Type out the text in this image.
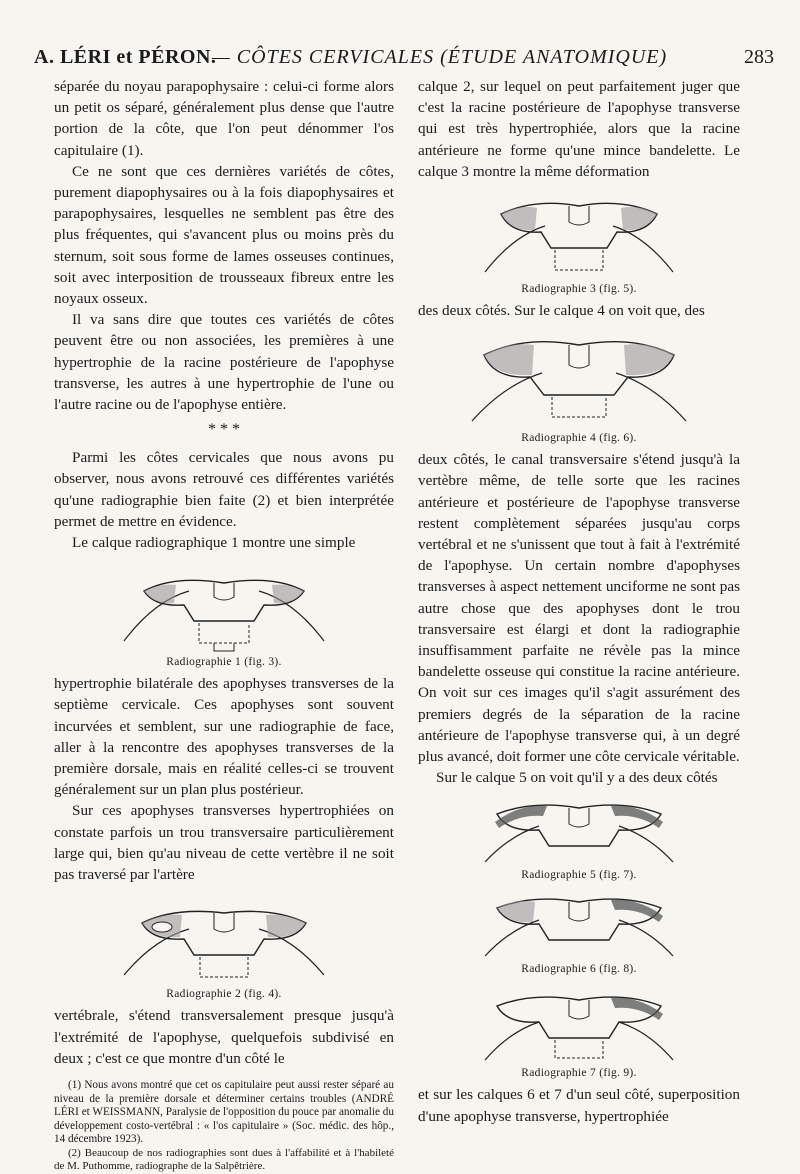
A. LÉRI et PÉRON.
— CÔTES CERVICALES (ÉTUDE ANATOMIQUE)	283

séparée du noyau parapophysaire : celui-ci forme alors un petit os séparé, généralement plus dense que l'autre portion de la côte, que l'on peut dénommer l'os capitulaire (1).

Ce ne sont que ces dernières variétés de côtes, purement diapophysaires ou à la fois diapophysaires et parapophysaires, lesquelles ne semblent pas être des plus fréquentes, qui s'avancent plus ou moins près du sternum, soit sous forme de lames osseuses continues, soit avec interposition de trousseaux fibreux entre les noyaux osseux.

Il va sans dire que toutes ces variétés de côtes peuvent être ou non associées, les premières à une hypertrophie de la racine postérieure de l'apophyse transverse, les autres à une hypertrophie de l'une ou l'autre racine ou de l'apophyse entière.

* * *

Parmi les côtes cervicales que nous avons pu observer, nous avons retrouvé ces différentes variétés qu'une radiographie bien faite (2) et bien interprétée permet de mettre en évidence.

Le calque radiographique 1 montre une simple

Radiographie 1 (fig. 3).

hypertrophie bilatérale des apophyses transverses de la septième cervicale. Ces apophyses sont souvent incurvées et semblent, sur une radiographie de face, aller à la rencontre des apophyses transverses de la première dorsale, mais en réalité celles-ci se trouvent généralement sur un plan plus postérieur.

Sur ces apophyses transverses hypertrophiées on constate parfois un trou transversaire particulièrement large qui, bien qu'au niveau de cette vertèbre il ne soit pas traversé par l'artère

Radiographie 2 (fig. 4).

vertébrale, s'étend transversalement presque jusqu'à l'extrémité de l'apophyse, quelquefois subdivisé en deux ; c'est ce que montre d'un côté le

(1) Nous avons montré que cet os capitulaire peut aussi rester séparé au niveau de la première dorsale et déterminer certains troubles (ANDRÉ LÉRI et WEISSMANN, Paralysie de l'opposition du pouce par anomalie du développement costo-vertébral : « l'os capitulaire » (Soc. médic. des hôp., 14 décembre 1923).

(2) Beaucoup de nos radiographies sont dues à l'affabilité et à l'habileté de M. Puthomme, radiographe de la Salpêtrière.

calque 2, sur lequel on peut parfaitement juger que c'est la racine postérieure de l'apophyse transverse qui est très hypertrophiée, alors que la racine antérieure ne forme qu'une mince bandelette. Le calque 3 montre la même déformation

Radiographie 3 (fig. 5).

des deux côtés. Sur le calque 4 on voit que, des

Radiographie 4 (fig. 6).

deux côtés, le canal transversaire s'étend jusqu'à la vertèbre même, de telle sorte que les racines antérieure et postérieure de l'apophyse transverse restent complètement séparées jusqu'au corps vertébral et ne s'unissent que tout à fait à l'extrémité de l'apophyse. Un certain nombre d'apophyses transverses à aspect nettement unciforme ne sont pas autre chose que des apophyses dont le trou transversaire est élargi et dont la radiographie insuffisamment parfaite ne révèle pas la mince bandelette osseuse qui constitue la racine antérieure. On voit sur ces images qu'il s'agit assurément des premiers degrés de la séparation de la racine antérieure de l'apophyse transverse qui, à un degré plus avancé, doit former une côte cervicale véritable.

Sur le calque 5 on voit qu'il y a des deux côtés

Radiographie 5 (fig. 7).
Radiographie 6 (fig. 8).
Radiographie 7 (fig. 9).

et sur les calques 6 et 7 d'un seul côté, superposition d'une apophyse transverse, hypertrophiée
